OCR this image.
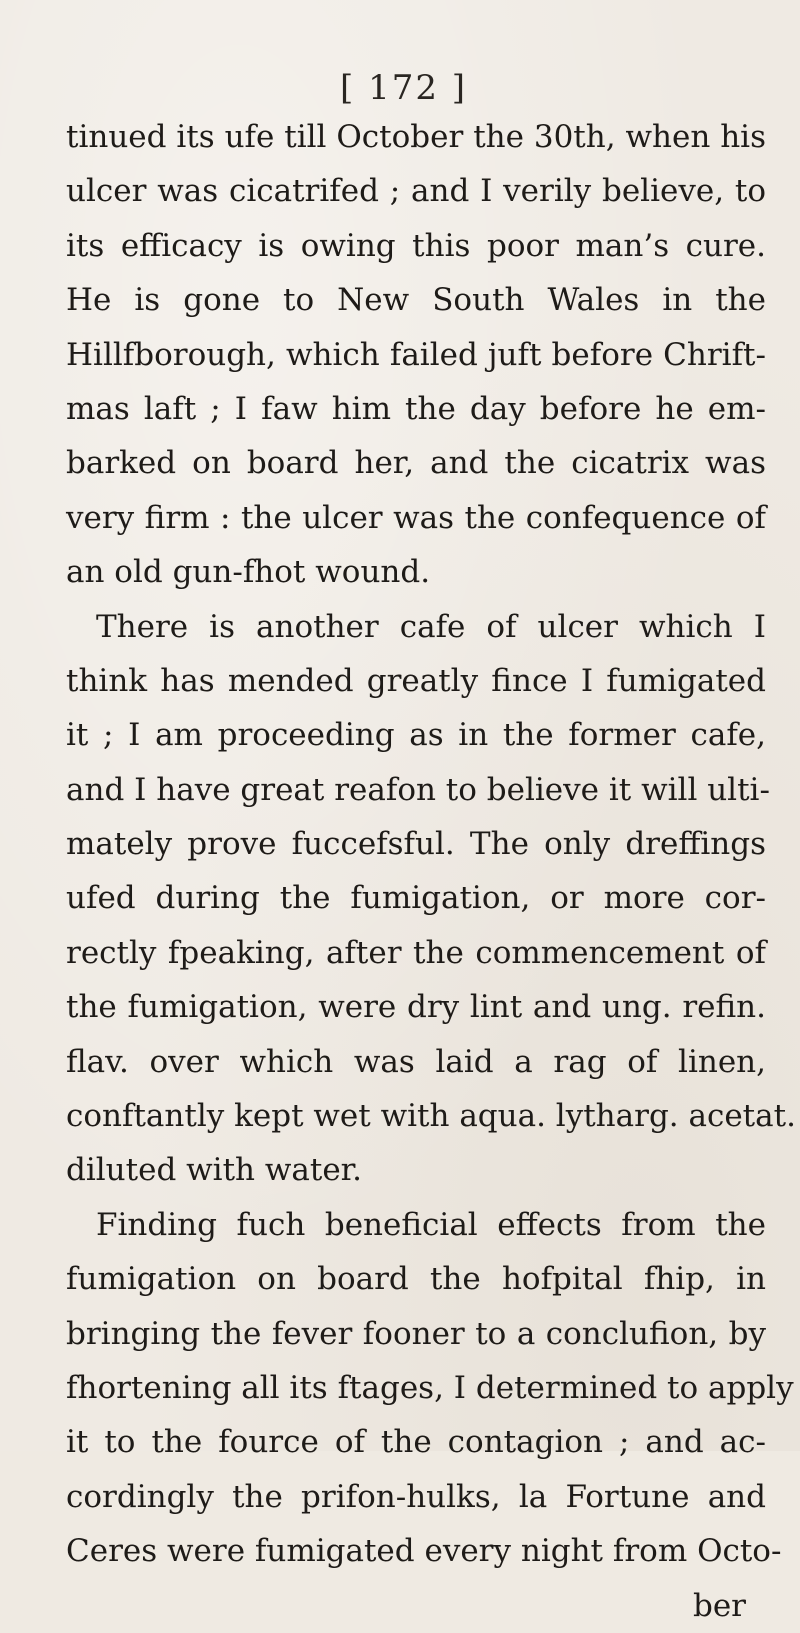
[ 172 ]
tinued its ufe till October the 30th, when his
ulcer was cicatrifed ; and I verily believe, to
its efficacy is owing this poor man’s cure.
He is gone to New South Wales in the
Hillfborough, which failed juft before Chrift-
mas laft ; I faw him the day before he em-
barked on board her, and the cicatrix was
very firm : the ulcer was the confequence of
an old gun-fhot wound.
There is another cafe of ulcer which I
think has mended greatly fince I fumigated
it ; I am proceeding as in the former cafe,
and I have great reafon to believe it will ulti-
mately prove fuccefsful. The only dreffings
ufed during the fumigation, or more cor-
rectly fpeaking, after the commencement of
the fumigation, were dry lint and ung. refin.
flav. over which was laid a rag of linen,
conftantly kept wet with aqua. lytharg. acetat.
diluted with water.
Finding fuch beneficial effects from the
fumigation on board the hofpital fhip, in
bringing the fever fooner to a conclufion, by
fhortening all its ftages, I determined to apply
it to the fource of the contagion ; and ac-
cordingly the prifon-hulks, la Fortune and
Ceres were fumigated every night from Octo-
ber
